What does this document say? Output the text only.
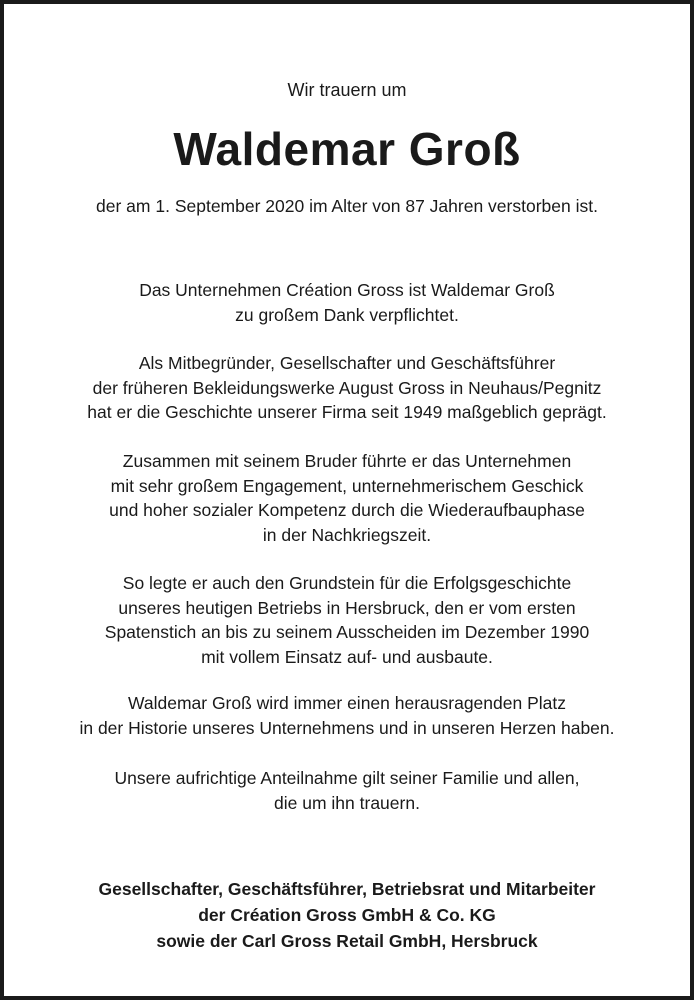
Wir trauern um
Waldemar Groß
der am 1. September 2020 im Alter von 87 Jahren verstorben ist.
Das Unternehmen Création Gross ist Waldemar Groß
zu großem Dank verpflichtet.
Als Mitbegründer, Gesellschafter und Geschäftsführer
der früheren Bekleidungswerke August Gross in Neuhaus/Pegnitz
hat er die Geschichte unserer Firma seit 1949 maßgeblich geprägt.
Zusammen mit seinem Bruder führte er das Unternehmen
mit sehr großem Engagement, unternehmerischem Geschick
und hoher sozialer Kompetenz durch die Wiederaufbauphase
in der Nachkriegszeit.
So legte er auch den Grundstein für die Erfolgsgeschichte
unseres heutigen Betriebs in Hersbruck, den er vom ersten
Spatenstich an bis zu seinem Ausscheiden im Dezember 1990
mit vollem Einsatz auf- und ausbaute.
Waldemar Groß wird immer einen herausragenden Platz
in der Historie unseres Unternehmens und in unseren Herzen haben.
Unsere aufrichtige Anteilnahme gilt seiner Familie und allen,
die um ihn trauern.
Gesellschafter, Geschäftsführer, Betriebsrat und Mitarbeiter
der Création Gross GmbH & Co. KG
sowie der Carl Gross Retail GmbH, Hersbruck
